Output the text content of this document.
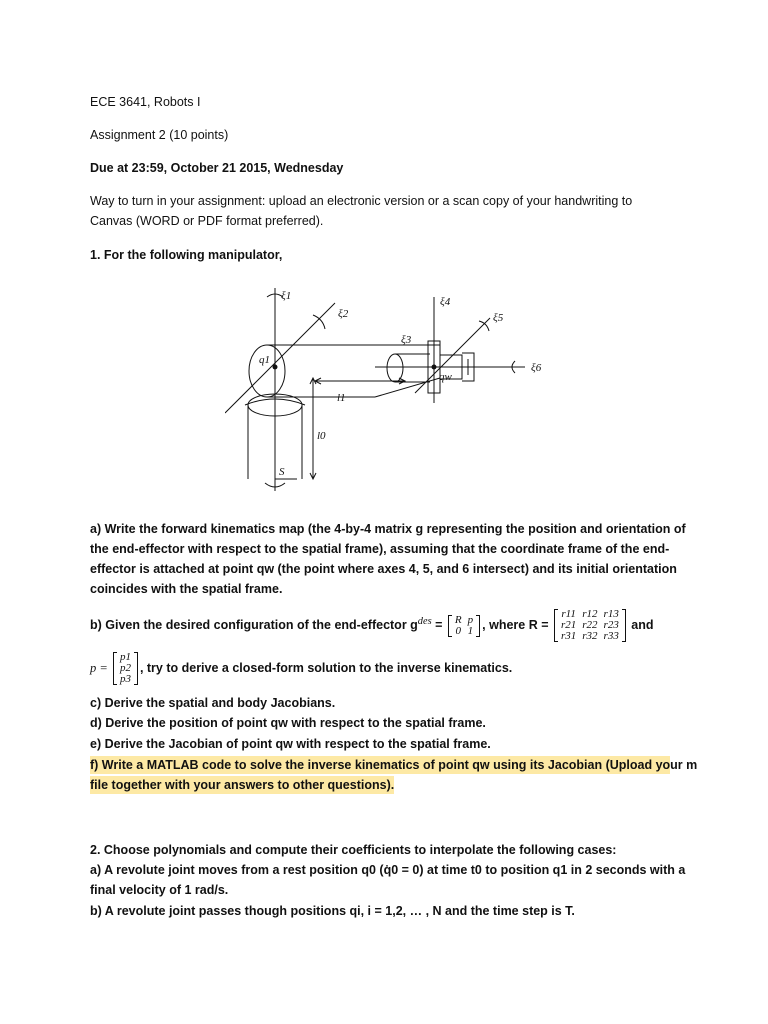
ECE 3641, Robots I
Assignment 2 (10 points)
Due at 23:59, October 21 2015, Wednesday
Way to turn in your assignment: upload an electronic version or a scan copy of your handwriting to
Canvas (WORD or PDF format preferred).
1. For the following manipulator,
ξ1
ξ2
ξ3
ξ4
ξ5
ξ6
q1
qw
l1
l0
S
a) Write the forward kinematics map (the 4-by-4 matrix g representing the position and orientation of
the end-effector with respect to the spatial frame), assuming that the coordinate frame of the end-
effector is attached at point qw (the point where axes 4, 5, and 6 intersect) and its initial orientation
coincides with the spatial frame.
b) Given the desired configuration of the end-effector $g^{des} = R$	p
0	1 , where R =
r11	r12	r13
r21	r22	r23
r31	r32	r33
and
p =
p1
p2
p3
, try to derive a closed-form solution to the inverse kinematics.
c) Derive the spatial and body Jacobians.
d) Derive the position of point qw with respect to the spatial frame.
e) Derive the Jacobian of point qw with respect to the spatial frame.
f) Write a MATLAB code to solve the inverse kinematics of point qw using its Jacobian (Upload your m
file together with your answers to other questions).
2. Choose polynomials and compute their coefficients to interpolate the following cases:
a) A revolute joint moves from a rest position q0 (q̇0 = 0) at time t0 to position q1 in 2 seconds with a
final velocity of 1 rad/s.
b) A revolute joint passes though positions qi, i = 1,2, … , N and the time step is T.
